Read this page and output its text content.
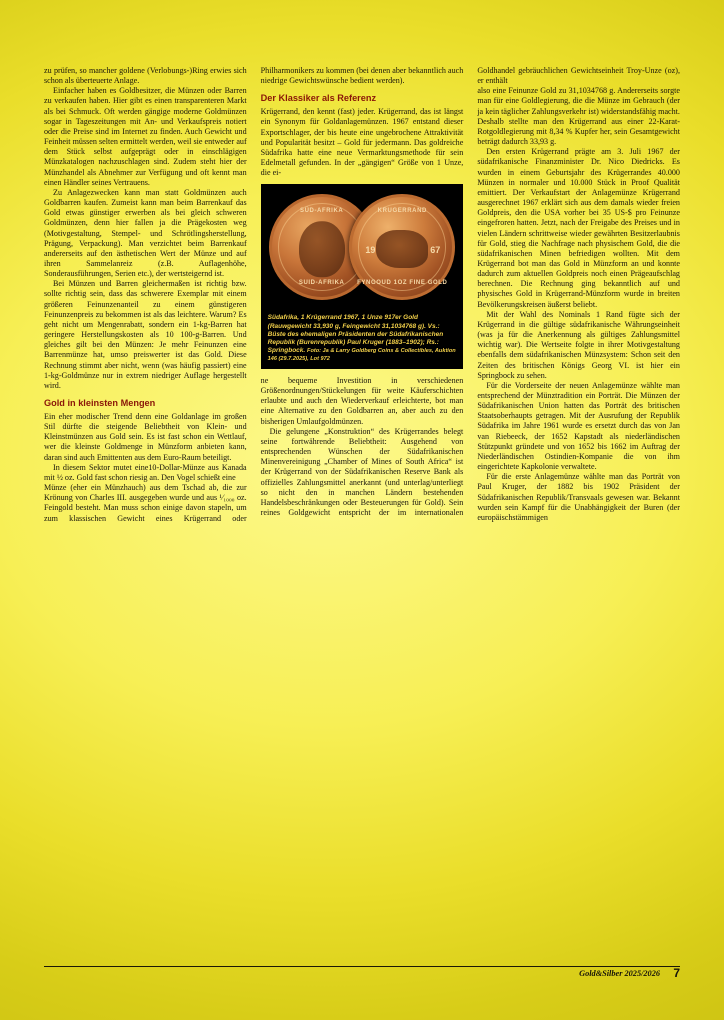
zu prüfen, so mancher goldene (Verlobungs-)Ring erwies sich schon als überteuerte Anlage.

Einfacher haben es Goldbesitzer, die Münzen oder Barren zu verkaufen haben. Hier gibt es einen transparenteren Markt als bei Schmuck. Oft werden gängige moderne Goldmünzen sogar in Tageszeitungen mit An- und Verkaufspreis notiert oder die Preise sind im Internet zu finden. Auch Gewicht und Feinheit müssen selten ermittelt werden, weil sie entweder auf dem Stück selbst aufgeprägt oder in einschlägigen Münzkatalogen nachzuschlagen sind. Zudem steht hier der Münzhandel als Abnehmer zur Verfügung und oft kennt man einen Händler seines Vertrauens.

Zu Anlagezwecken kann man statt Goldmünzen auch Goldbarren kaufen. Zumeist kann man beim Barrenkauf das Gold etwas günstiger erwerben als bei gleich schweren Goldmünzen, denn hier fallen ja die Prägekosten weg (Motivgestaltung, Stempel- und Schrötlingsherstellung, Prägung, Verpackung). Man verzichtet beim Barrenkauf andererseits auf den ästhetischen Wert der Münze und auf ihren Sammelanreiz (z.B. Auflagenhöhe, Sonderausführungen, Serien etc.), der wertsteigernd ist.

Bei Münzen und Barren gleichermaßen ist richtig bzw. sollte richtig sein, dass das schwerere Exemplar mit einem größeren Feinunzenanteil zu einem günstigeren Feinunzenpreis zu bekommen ist als das leichtere. Warum? Es geht nicht um Mengenrabatt, sondern ein 1-kg-Barren hat geringere Herstellungskosten als 10 100-g-Barren. Und gleiches gilt bei den Münzen: Je mehr Feinunzen eine Barrenmünze hat, umso preiswerter ist das Gold. Diese Rechnung stimmt aber nicht, wenn (was häufig passiert) eine 1-kg-Goldmünze nur in extrem niedriger Auflage hergestellt wird.

Gold in kleinsten Mengen

Ein eher modischer Trend denn eine Goldanlage im großen Stil dürfte die steigende Beliebtheit von Klein- und Kleinstmünzen aus Gold sein. Es ist fast schon ein Wettlauf, wer die kleinste Goldmenge in Münzform anbieten kann, daran sind auch Emittenten aus dem Euro-Raum beteiligt.

In diesem Sektor mutet eine10-Dollar-Münze aus Kanada mit ½ oz. Gold fast schon riesig an. Den Vogel schießt eine

Münze (eher ein Münzhauch) aus dem Tschad ab, die zur Krönung von Charles III. ausgegeben wurde und aus ¹⁄₁₀₀₀ oz. Feingold besteht. Man muss schon einige davon stapeln, um zum klassischen Gewicht eines Krügerrand oder Philharmonikers zu kommen (bei denen aber bekanntlich auch niedrige Gewichtswünsche bedient werden).

Der Klassiker als Referenz

Krügerrand, den kennt (fast) jeder. Krügerrand, das ist längst ein Synonym für Goldanlagemünzen. 1967 entstand dieser Exportschlager, der bis heute eine ungebrochene Attraktivität und Popularität besitzt – Gold für jedermann. Das goldreiche Südafrika hatte eine neue Vermarktungsmethode für sein Edelmetall gefunden. In der „gängigen“ Größe von 1 Unze, die ei-

SÜD-AFRIKA
SUID-AFRIKA
KRUGERRAND
19	67
FYNGOUD 1OZ FINE GOLD
Südafrika, 1 Krügerrand 1967, 1 Unze 917er Gold (Rauwgewicht 33,930 g, Feingewicht 31,1034768 g). Vs.: Büste des ehemaligen Präsidenten der Südafrikanischen Republik (Burenrepublik) Paul Kruger (1883–1902); Rs.: Springbock. Foto: Ja & Larry Goldberg Coins & Collectibles, Auktion 146 (29.7.2025), Lot 972

ne bequeme Investition in verschiedenen Größenordnungen/Stückelungen für weite Käuferschichten erlaubte und auch den Wiederverkauf erleichterte, bot man eine Alternative zu den Goldbarren an, aber auch zu den bisherigen Umlaufgoldmünzen.

Die gelungene „Konstruktion“ des Krügerrandes belegt seine fortwährende Beliebtheit: Ausgehend von entsprechenden Wünschen der Südafrikanischen Minenvereinigung „Chamber of Mines of South Africa“ ist der Krügerrand von der Südafrikanischen Reserve Bank als offizielles Zahlungsmittel anerkannt (und unterlag/unterliegt so nicht den in manchen Ländern bestehenden Handelsbeschränkungen oder Besteuerungen für Gold). Sein reines Goldgewicht entspricht der im internationalen Goldhandel gebräuchlichen Gewichtseinheit Troy-Unze (oz), er enthält

also eine Feinunze Gold zu 31,1034768 g. Andererseits sorgte man für eine Goldlegierung, die die Münze im Gebrauch (der ja kein täglicher Zahlungsverkehr ist) widerstandsfähig macht. Deshalb stellte man den Krügerrand aus einer 22-Karat-Rotgoldlegierung mit 8,34 % Kupfer her, sein Gesamtgewicht beträgt dadurch 33,93 g.

Den ersten Krügerrand prägte am 3. Juli 1967 der südafrikanische Finanzminister Dr. Nico Diedricks. Es wurden in einem Geburtsjahr des Krügerrandes 40.000 Münzen in normaler und 10.000 Stück in Proof Qualität emittiert. Der Verkaufstart der Anlagemünze Krügerrand ausgerechnet 1967 erklärt sich aus dem damals wieder freien Goldpreis, den die USA vorher bei 35 US-$ pro Feinunze eingefroren hatten. Jetzt, nach der Freigabe des Preises und in vielen Ländern schrittweise wieder gewährten Besitzerlaubnis für Gold, stieg die Nachfrage nach physischem Gold, die die südafrikanischen Minen befriedigen wollten. Mit dem Krügerrand bot man das Gold in Münzform an und konnte dadurch zum aktuellen Goldpreis noch einen Prägeaufschlag berechnen. Die Rechnung ging bekanntlich auf und physisches Gold in Krügerrand-Münzform wurde in breiten Bevölkerungskreisen äußerst beliebt.

Mit der Wahl des Nominals 1 Rand fügte sich der Krügerrand in die gültige südafrikanische Währungseinheit (was ja für die Anerkennung als gültiges Zahlungsmittel wichtig war). Die Wertseite folgte in ihrer Motivgestaltung ebenfalls dem südafrikanischen Münzsystem: Schon seit den Zeiten des britischen Königs Georg VI. ist hier ein Springbock zu sehen.

Für die Vorderseite der neuen Anlagemünze wählte man entsprechend der Münztradition ein Porträt. Die Münzen der Südafrikanischen Union hatten das Porträt des britischen Staatsoberhaupts getragen. Mit der Ausrufung der Republik Südafrika im Jahre 1961 wurde es ersetzt durch das von Jan van Riebeeck, der 1652 Kapstadt als niederländischen Stützpunkt gründete und von 1652 bis 1662 im Auftrag der Niederländischen Ostindien-Kompanie die von ihm eingerichtete Kapkolonie verwaltete.

Für die erste Anlagemünze wählte man das Porträt von Paul Kruger, der 1882 bis 1902 Präsident der Südafrikanischen Republik/Transvaals gewesen war. Bekannt wurden sein Kampf für die Unabhängigkeit der Buren (der europäischstämmigen

Gold&Silber 2025/2026 7
